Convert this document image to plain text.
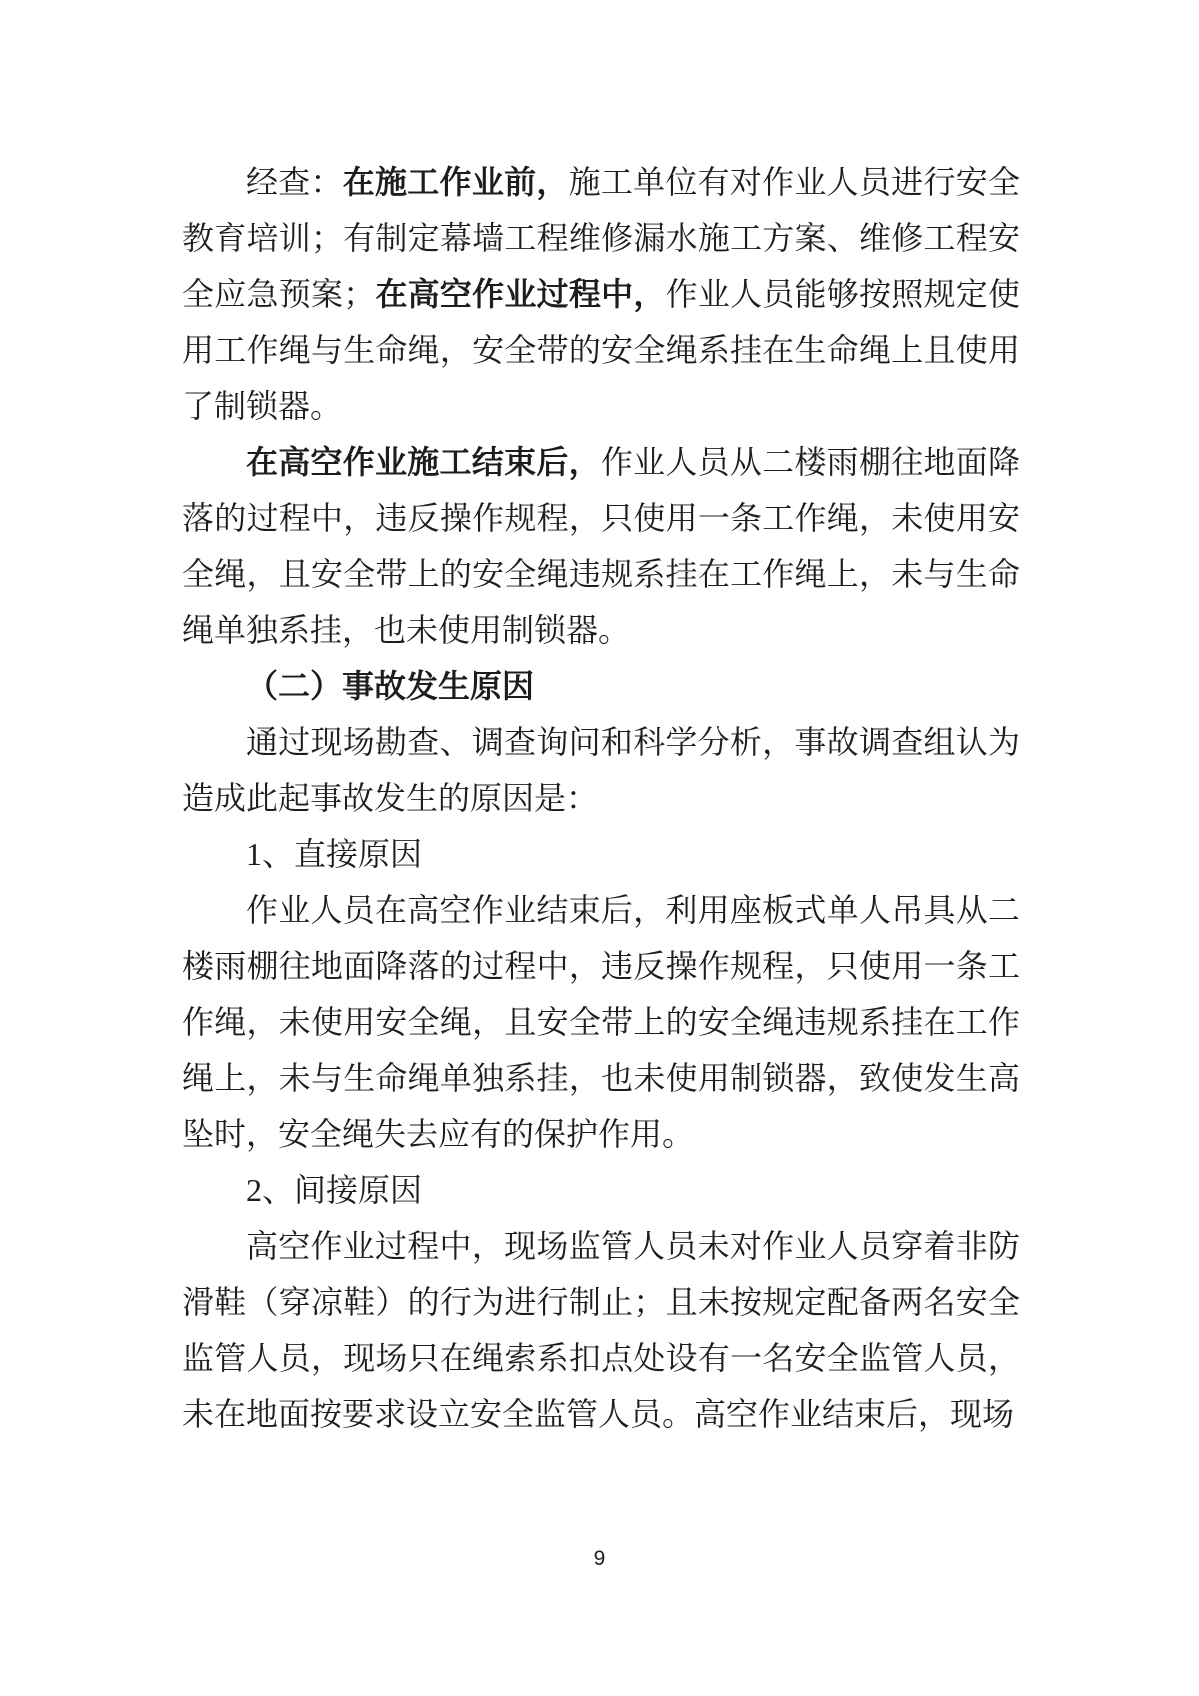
经查：在施工作业前，施工单位有对作业人员进行安全教育培训；有制定幕墙工程维修漏水施工方案、维修工程安全应急预案；在高空作业过程中，作业人员能够按照规定使用工作绳与生命绳，安全带的安全绳系挂在生命绳上且使用了制锁器。

在高空作业施工结束后，作业人员从二楼雨棚往地面降落的过程中，违反操作规程，只使用一条工作绳，未使用安全绳，且安全带上的安全绳违规系挂在工作绳上，未与生命绳单独系挂，也未使用制锁器。

（二）事故发生原因

通过现场勘查、调查询问和科学分析，事故调查组认为造成此起事故发生的原因是：

1、直接原因

作业人员在高空作业结束后，利用座板式单人吊具从二楼雨棚往地面降落的过程中，违反操作规程，只使用一条工作绳，未使用安全绳，且安全带上的安全绳违规系挂在工作绳上，未与生命绳单独系挂，也未使用制锁器，致使发生高坠时，安全绳失去应有的保护作用。

2、间接原因

高空作业过程中，现场监管人员未对作业人员穿着非防滑鞋（穿凉鞋）的行为进行制止；且未按规定配备两名安全监管人员，现场只在绳索系扣点处设有一名安全监管人员，未在地面按要求设立安全监管人员。高空作业结束后，现场

9
